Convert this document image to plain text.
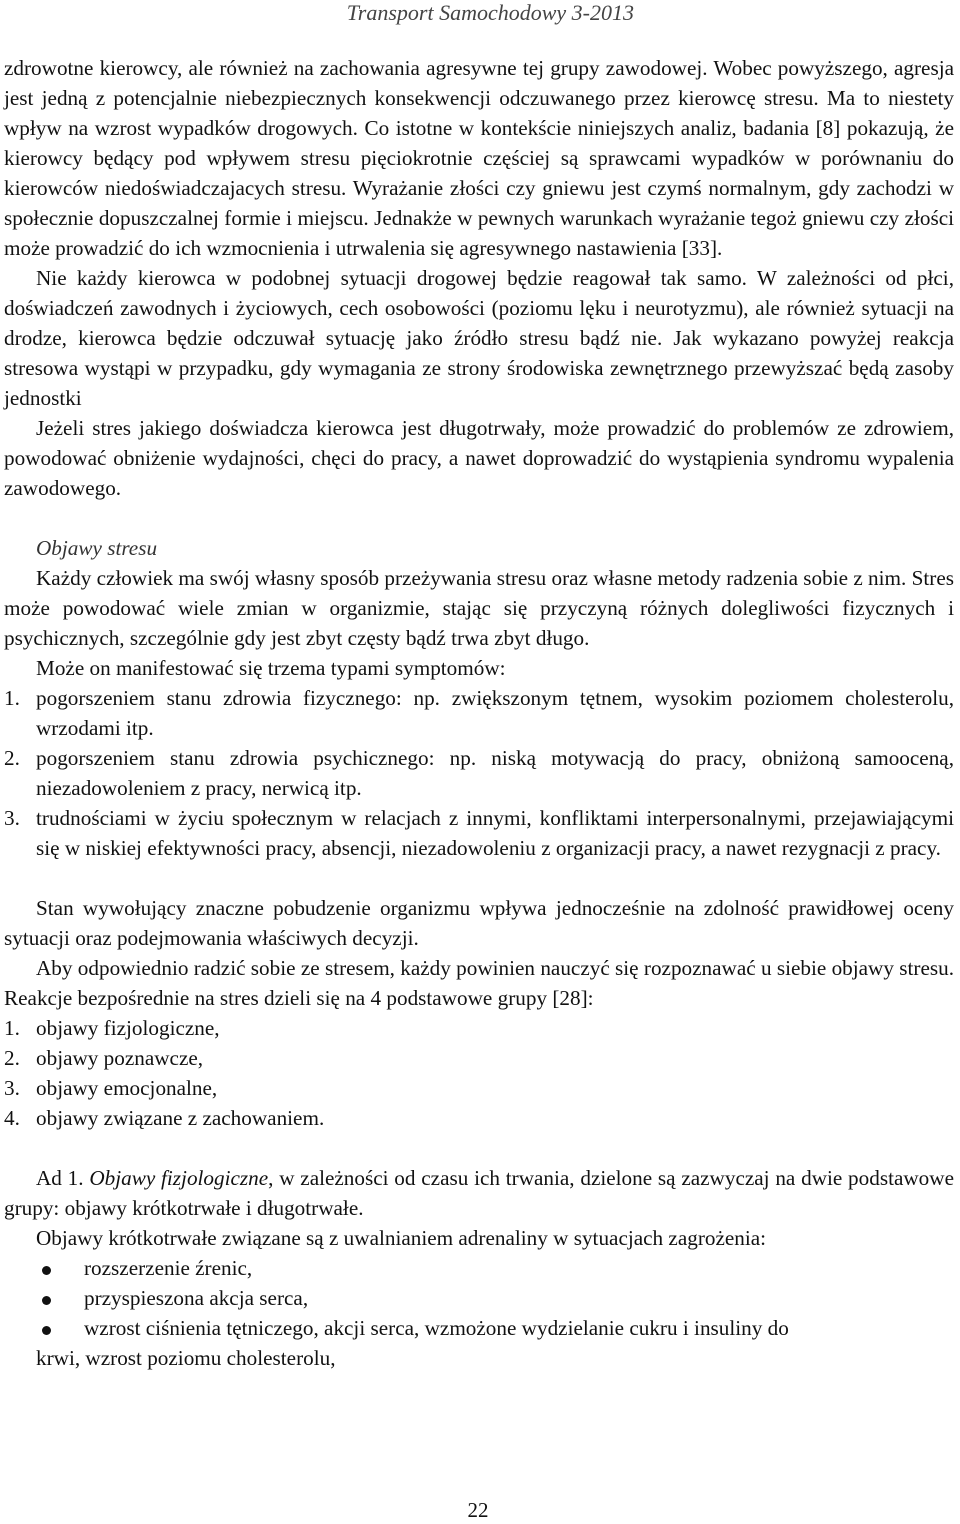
Transport Samochodowy 3-2013

zdrowotne kierowcy, ale również na zachowania agresywne tej grupy zawodowej. Wobec powyższego, agresja jest jedną z potencjalnie niebezpiecznych konsekwencji odczuwanego przez kierowcę stresu. Ma to niestety wpływ na wzrost wypadków drogowych. Co istotne w kontekście niniejszych analiz, badania [8] pokazują, że kierowcy będący pod wpływem stresu pięciokrotnie częściej są sprawcami wypadków w porównaniu do kierowców niedoświadczajacych stresu. Wyrażanie złości czy gniewu jest czymś normalnym, gdy zachodzi w społecznie dopuszczalnej formie i miejscu. Jednakże w pewnych warunkach wyrażanie tegoż gniewu czy złości może prowadzić do ich wzmocnienia i utrwalenia się agresywnego nastawienia [33].

Nie każdy kierowca w podobnej sytuacji drogowej będzie reagował tak samo. W zależności od płci, doświadczeń zawodnych i życiowych, cech osobowości (poziomu lęku i neurotyzmu), ale również sytuacji na drodze, kierowca będzie odczuwał sytuację jako źródło stresu bądź nie. Jak wykazano powyżej reakcja stresowa wystąpi w przypadku, gdy wymagania ze strony środowiska zewnętrznego przewyższać będą zasoby jednostki

Jeżeli stres jakiego doświadcza kierowca jest długotrwały, może prowadzić do problemów ze zdrowiem, powodować obniżenie wydajności, chęci do pracy, a nawet doprowadzić do wystąpienia syndromu wypalenia zawodowego.

Objawy stresu

Każdy człowiek ma swój własny sposób przeżywania stresu oraz własne metody radzenia sobie z nim. Stres może powodować wiele zmian w organizmie, stając się przyczyną różnych dolegliwości fizycznych i psychicznych, szczególnie gdy jest zbyt częsty bądź trwa zbyt długo.

Może on manifestować się trzema typami symptomów:

1. pogorszeniem stanu zdrowia fizycznego: np. zwiększonym tętnem, wysokim poziomem cholesterolu, wrzodami itp.
2. pogorszeniem stanu zdrowia psychicznego: np. niską motywacją do pracy, obniżoną samooceną, niezadowoleniem z pracy, nerwicą itp.
3. trudnościami w życiu społecznym w relacjach z innymi, konfliktami interpersonalnymi, przejawiającymi się w niskiej efektywności pracy, absencji, niezadowoleniu z organizacji pracy, a nawet rezygnacji z pracy.

Stan wywołujący znaczne pobudzenie organizmu wpływa jednocześnie na zdolność prawidłowej oceny sytuacji oraz podejmowania właściwych decyzji.

Aby odpowiednio radzić sobie ze stresem, każdy powinien nauczyć się rozpoznawać u siebie objawy stresu. Reakcje bezpośrednie na stres dzieli się na 4 podstawowe grupy [28]:

1. objawy fizjologiczne,
2. objawy poznawcze,
3. objawy emocjonalne,
4. objawy związane z zachowaniem.

Ad 1. Objawy fizjologiczne, w zależności od czasu ich trwania, dzielone są zazwyczaj na dwie podstawowe grupy: objawy krótkotrwałe i długotrwałe.

Objawy krótkotrwałe związane są z uwalnianiem adrenaliny w sytuacjach zagrożenia:

rozszerzenie źrenic,
przyspieszona akcja serca,
wzrost ciśnienia tętniczego, akcji serca, wzmożone wydzielanie cukru i insuliny do
krwi, wzrost poziomu cholesterolu,
22
